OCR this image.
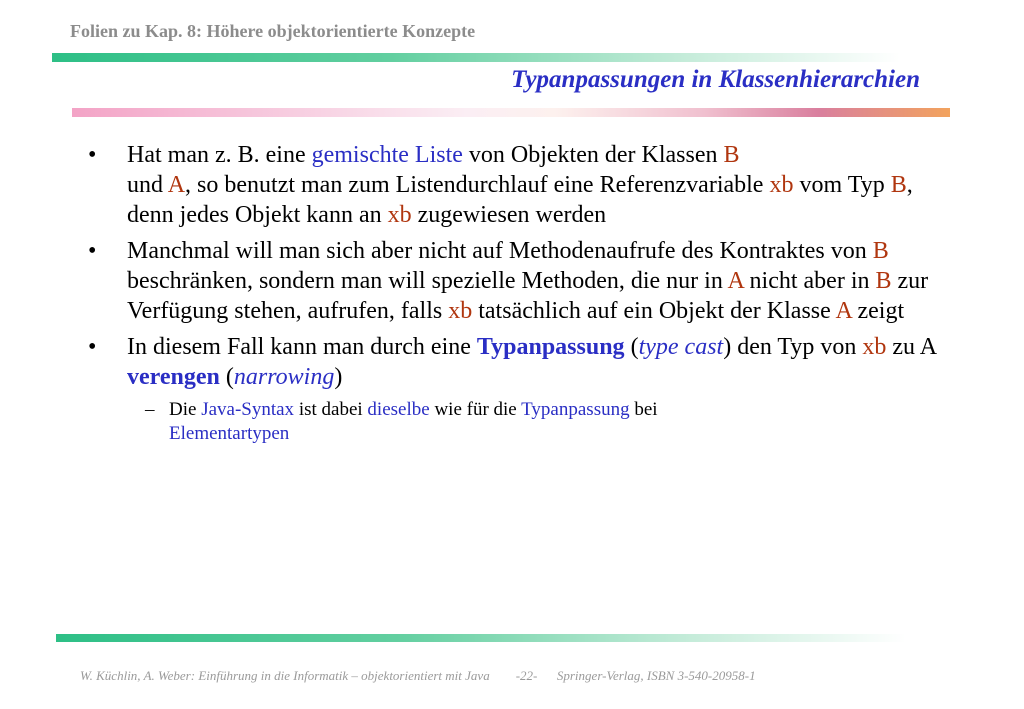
Folien zu Kap. 8: Höhere objektorientierte Konzepte
Typanpassungen in Klassenhierarchien
• Hat man z. B. eine gemischte Liste von Objekten der Klassen B
und A, so benutzt man zum Listendurchlauf eine Referenzvariable xb vom Typ B, denn jedes Objekt kann an xb zugewiesen werden
• Manchmal will man sich aber nicht auf Methodenaufrufe des Kontraktes von B beschränken, sondern man will spezielle Methoden, die nur in A nicht aber in B zur Verfügung stehen, aufrufen, falls xb tatsächlich auf ein Objekt der Klasse A zeigt
• In diesem Fall kann man durch eine Typanpassung (type cast) den Typ von xb zu A verengen (narrowing)
– Die Java-Syntax ist dabei dieselbe wie für die Typanpassung bei
Elementartypen
W. Küchlin, A. Weber: Einführung in die Informatik – objektorientiert mit Java -22- Springer-Verlag, ISBN 3-540-20958-1
